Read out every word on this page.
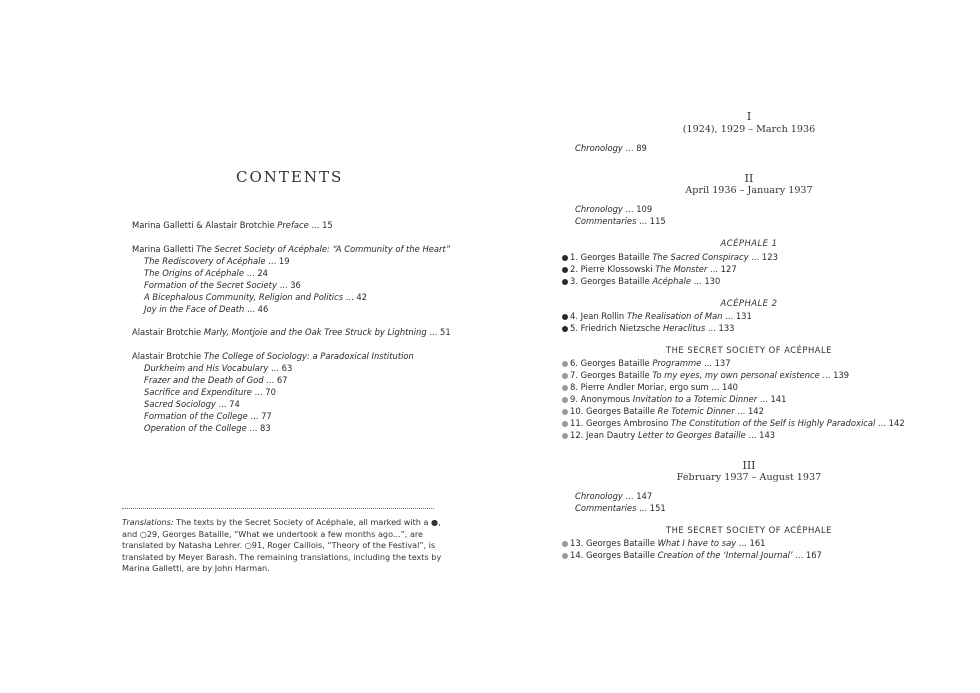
CONTENTS
Marina Galletti & Alastair Brotchie Preface ... 15
Marina Galletti The Secret Society of Acéphale: “A Community of the Heart”
The Rediscovery of Acéphale ... 19
The Origins of Acéphale ... 24
Formation of the Secret Society ... 36
A Bicephalous Community, Religion and Politics ... 42
Joy in the Face of Death ... 46
Alastair Brotchie Marly, Montjoie and the Oak Tree Struck by Lightning ... 51
Alastair Brotchie The College of Sociology: a Paradoxical Institution
Durkheim and His Vocabulary ... 63
Frazer and the Death of God ... 67
Sacrifice and Expenditure ... 70
Sacred Sociology ... 74
Formation of the College ... 77
Operation of the College ... 83
Translations: The texts by the Secret Society of Acéphale, all marked with a ●, and ○29, Georges Bataille, “What we undertook a few months ago...”, are translated by Natasha Lehrer. ○91, Roger Caillois, “Theory of the Festival”, is translated by Meyer Barash. The remaining translations, including the texts by Marina Galletti, are by John Harman.
I
(1924), 1929 – March 1936
Chronology ... 89
II
April 1936 – January 1937
Chronology ... 109
Commentaries ... 115
ACÉPHALE 1
1. Georges Bataille The Sacred Conspiracy ... 123
2. Pierre Klossowski The Monster ... 127
3. Georges Bataille Acéphale ... 130
ACÉPHALE 2
4. Jean Rollin The Realisation of Man ... 131
5. Friedrich Nietzsche Heraclitus ... 133
THE SECRET SOCIETY OF ACÉPHALE
6. Georges Bataille Programme ... 137
7. Georges Bataille To my eyes, my own personal existence ... 139
8. Pierre Andler Moriar, ergo sum ... 140
9. Anonymous Invitation to a Totemic Dinner ... 141
10. Georges Bataille Re Totemic Dinner ... 142
11. Georges Ambrosino The Constitution of the Self is Highly Paradoxical ... 142
12. Jean Dautry Letter to Georges Bataille ... 143
III
February 1937 – August 1937
Chronology ... 147
Commentaries ... 151
THE SECRET SOCIETY OF ACÉPHALE
13. Georges Bataille What I have to say ... 161
14. Georges Bataille Creation of the ‘Internal Journal’ ... 167
